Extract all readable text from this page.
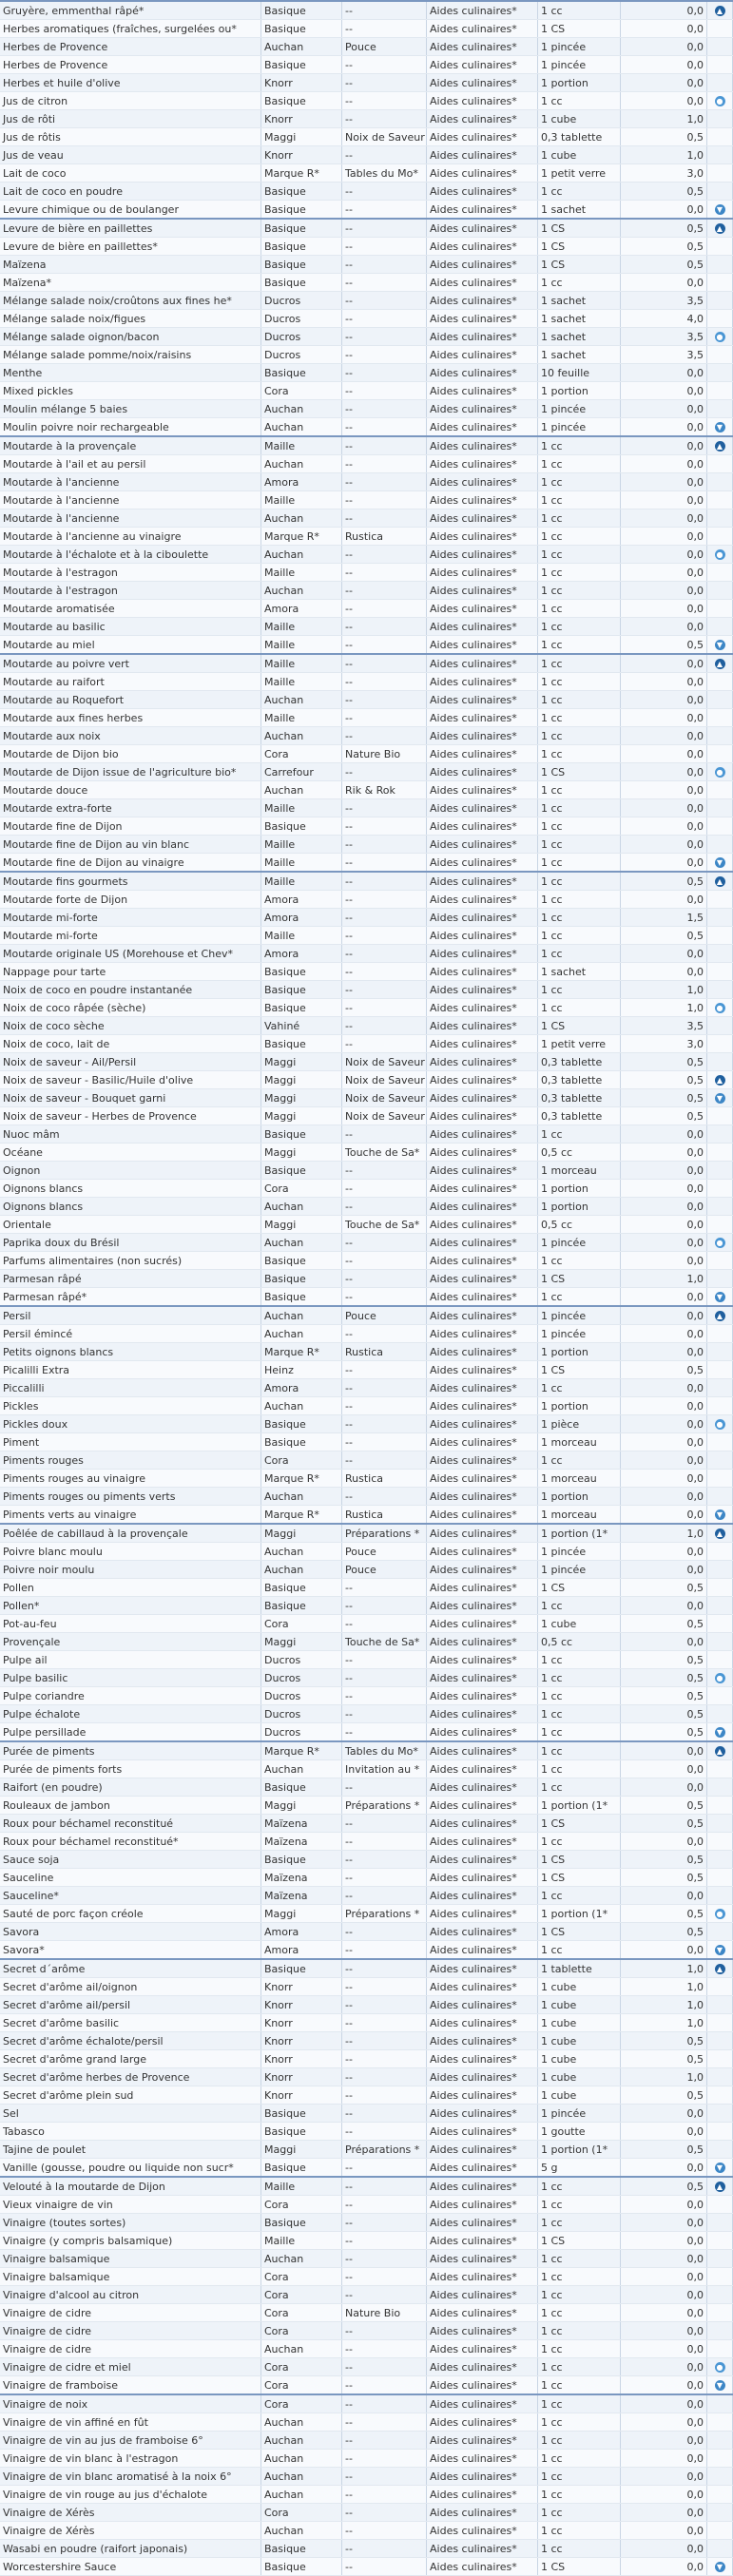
Gruyère, emmenthal râpé*	Basique	--	Aides culinaires*	1 cc	0,0	▲
Herbes aromatiques (fraîches, surgelées ou*	Basique	--	Aides culinaires*	1 CS	0,0	
Herbes de Provence	Auchan	Pouce	Aides culinaires*	1 pincée	0,0	
Herbes de Provence	Basique	--	Aides culinaires*	1 pincée	0,0	
Herbes et huile d'olive	Knorr	--	Aides culinaires*	1 portion	0,0	
Jus de citron	Basique	--	Aides culinaires*	1 cc	0,0	●
Jus de rôti	Knorr	--	Aides culinaires*	1 cube	1,0	
Jus de rôtis	Maggi	Noix de Saveur	Aides culinaires*	0,3 tablette	0,5	
Jus de veau	Knorr	--	Aides culinaires*	1 cube	1,0	
Lait de coco	Marque R*	Tables du Mo*	Aides culinaires*	1 petit verre	3,0	
Lait de coco en poudre	Basique	--	Aides culinaires*	1 cc	0,5	
Levure chimique ou de boulanger	Basique	--	Aides culinaires*	1 sachet	0,0	▼
Levure de bière en paillettes	Basique	--	Aides culinaires*	1 CS	0,5	▲
Levure de bière en paillettes*	Basique	--	Aides culinaires*	1 CS	0,5	
Maïzena	Basique	--	Aides culinaires*	1 CS	0,5	
Maïzena*	Basique	--	Aides culinaires*	1 cc	0,0	
Mélange salade noix/croûtons aux fines he*	Ducros	--	Aides culinaires*	1 sachet	3,5	
Mélange salade noix/figues	Ducros	--	Aides culinaires*	1 sachet	4,0	
Mélange salade oignon/bacon	Ducros	--	Aides culinaires*	1 sachet	3,5	●
Mélange salade pomme/noix/raisins	Ducros	--	Aides culinaires*	1 sachet	3,5	
Menthe	Basique	--	Aides culinaires*	10 feuille	0,0	
Mixed pickles	Cora	--	Aides culinaires*	1 portion	0,0	
Moulin mélange 5 baies	Auchan	--	Aides culinaires*	1 pincée	0,0	
Moulin poivre noir rechargeable	Auchan	--	Aides culinaires*	1 pincée	0,0	▼
Moutarde à la provençale	Maille	--	Aides culinaires*	1 cc	0,0	▲
Moutarde à l'ail et au persil	Auchan	--	Aides culinaires*	1 cc	0,0	
Moutarde à l'ancienne	Amora	--	Aides culinaires*	1 cc	0,0	
Moutarde à l'ancienne	Maille	--	Aides culinaires*	1 cc	0,0	
Moutarde à l'ancienne	Auchan	--	Aides culinaires*	1 cc	0,0	
Moutarde à l'ancienne au vinaigre	Marque R*	Rustica	Aides culinaires*	1 cc	0,0	
Moutarde à l'échalote et à la ciboulette	Auchan	--	Aides culinaires*	1 cc	0,0	●
Moutarde à l'estragon	Maille	--	Aides culinaires*	1 cc	0,0	
Moutarde à l'estragon	Auchan	--	Aides culinaires*	1 cc	0,0	
Moutarde aromatisée	Amora	--	Aides culinaires*	1 cc	0,0	
Moutarde au basilic	Maille	--	Aides culinaires*	1 cc	0,0	
Moutarde au miel	Maille	--	Aides culinaires*	1 cc	0,5	▼
Moutarde au poivre vert	Maille	--	Aides culinaires*	1 cc	0,0	▲
Moutarde au raifort	Maille	--	Aides culinaires*	1 cc	0,0	
Moutarde au Roquefort	Auchan	--	Aides culinaires*	1 cc	0,0	
Moutarde aux fines herbes	Maille	--	Aides culinaires*	1 cc	0,0	
Moutarde aux noix	Auchan	--	Aides culinaires*	1 cc	0,0	
Moutarde de Dijon bio	Cora	Nature Bio	Aides culinaires*	1 cc	0,0	
Moutarde de Dijon issue de l'agriculture bio*	Carrefour	--	Aides culinaires*	1 CS	0,0	●
Moutarde douce	Auchan	Rik & Rok	Aides culinaires*	1 cc	0,0	
Moutarde extra-forte	Maille	--	Aides culinaires*	1 cc	0,0	
Moutarde fine de Dijon	Basique	--	Aides culinaires*	1 cc	0,0	
Moutarde fine de Dijon au vin blanc	Maille	--	Aides culinaires*	1 cc	0,0	
Moutarde fine de Dijon au vinaigre	Maille	--	Aides culinaires*	1 cc	0,0	▼
Moutarde fins gourmets	Maille	--	Aides culinaires*	1 cc	0,5	▲
Moutarde forte de Dijon	Amora	--	Aides culinaires*	1 cc	0,0	
Moutarde mi-forte	Amora	--	Aides culinaires*	1 cc	1,5	
Moutarde mi-forte	Maille	--	Aides culinaires*	1 cc	0,5	
Moutarde originale US (Morehouse et Chev*	Amora	--	Aides culinaires*	1 cc	0,0	
Nappage pour tarte	Basique	--	Aides culinaires*	1 sachet	0,0	
Noix de coco en poudre instantanée	Basique	--	Aides culinaires*	1 cc	1,0	
Noix de coco râpée (sèche)	Basique	--	Aides culinaires*	1 cc	1,0	●
Noix de coco sèche	Vahiné	--	Aides culinaires*	1 CS	3,5	
Noix de coco, lait de	Basique	--	Aides culinaires*	1 petit verre	3,0	
Noix de saveur - Ail/Persil	Maggi	Noix de Saveur	Aides culinaires*	0,3 tablette	0,5	
Noix de saveur - Basilic/Huile d'olive	Maggi	Noix de Saveur	Aides culinaires*	0,3 tablette	0,5	▲
Noix de saveur - Bouquet garni	Maggi	Noix de Saveur	Aides culinaires*	0,3 tablette	0,5	▼
Noix de saveur - Herbes de Provence	Maggi	Noix de Saveur	Aides culinaires*	0,3 tablette	0,5	
Nuoc mâm	Basique	--	Aides culinaires*	1 cc	0,0	
Océane	Maggi	Touche de Sa*	Aides culinaires*	0,5 cc	0,0	
Oignon	Basique	--	Aides culinaires*	1 morceau	0,0	
Oignons blancs	Cora	--	Aides culinaires*	1 portion	0,0	
Oignons blancs	Auchan	--	Aides culinaires*	1 portion	0,0	
Orientale	Maggi	Touche de Sa*	Aides culinaires*	0,5 cc	0,0	
Paprika doux du Brésil	Auchan	--	Aides culinaires*	1 pincée	0,0	●
Parfums alimentaires (non sucrés)	Basique	--	Aides culinaires*	1 cc	0,0	
Parmesan râpé	Basique	--	Aides culinaires*	1 CS	1,0	
Parmesan râpé*	Basique	--	Aides culinaires*	1 cc	0,0	▼
Persil	Auchan	Pouce	Aides culinaires*	1 pincée	0,0	▲
Persil émincé	Auchan	--	Aides culinaires*	1 pincée	0,0	
Petits oignons blancs	Marque R*	Rustica	Aides culinaires*	1 portion	0,0	
Picalilli Extra	Heinz	--	Aides culinaires*	1 CS	0,5	
Piccalilli	Amora	--	Aides culinaires*	1 cc	0,0	
Pickles	Auchan	--	Aides culinaires*	1 portion	0,0	
Pickles doux	Basique	--	Aides culinaires*	1 pièce	0,0	●
Piment	Basique	--	Aides culinaires*	1 morceau	0,0	
Piments rouges	Cora	--	Aides culinaires*	1 cc	0,0	
Piments rouges au vinaigre	Marque R*	Rustica	Aides culinaires*	1 morceau	0,0	
Piments rouges ou piments verts	Auchan	--	Aides culinaires*	1 portion	0,0	
Piments verts au vinaigre	Marque R*	Rustica	Aides culinaires*	1 morceau	0,0	▼
Poêlée de cabillaud à la provençale	Maggi	Préparations *	Aides culinaires*	1 portion (1*	1,0	▲
Poivre blanc moulu	Auchan	Pouce	Aides culinaires*	1 pincée	0,0	
Poivre noir moulu	Auchan	Pouce	Aides culinaires*	1 pincée	0,0	
Pollen	Basique	--	Aides culinaires*	1 CS	0,5	
Pollen*	Basique	--	Aides culinaires*	1 cc	0,0	
Pot-au-feu	Cora	--	Aides culinaires*	1 cube	0,5	
Provençale	Maggi	Touche de Sa*	Aides culinaires*	0,5 cc	0,0	
Pulpe ail	Ducros	--	Aides culinaires*	1 cc	0,5	
Pulpe basilic	Ducros	--	Aides culinaires*	1 cc	0,5	●
Pulpe coriandre	Ducros	--	Aides culinaires*	1 cc	0,5	
Pulpe échalote	Ducros	--	Aides culinaires*	1 cc	0,5	
Pulpe persillade	Ducros	--	Aides culinaires*	1 cc	0,5	▼
Purée de piments	Marque R*	Tables du Mo*	Aides culinaires*	1 cc	0,0	▲
Purée de piments forts	Auchan	Invitation au *	Aides culinaires*	1 cc	0,0	
Raifort (en poudre)	Basique	--	Aides culinaires*	1 cc	0,0	
Rouleaux de jambon	Maggi	Préparations *	Aides culinaires*	1 portion (1*	0,5	
Roux pour béchamel reconstitué	Maïzena	--	Aides culinaires*	1 CS	0,5	
Roux pour béchamel reconstitué*	Maïzena	--	Aides culinaires*	1 cc	0,0	
Sauce soja	Basique	--	Aides culinaires*	1 CS	0,5	
Sauceline	Maïzena	--	Aides culinaires*	1 CS	0,5	
Sauceline*	Maïzena	--	Aides culinaires*	1 cc	0,0	
Sauté de porc façon créole	Maggi	Préparations *	Aides culinaires*	1 portion (1*	0,5	●
Savora	Amora	--	Aides culinaires*	1 CS	0,5	
Savora*	Amora	--	Aides culinaires*	1 cc	0,0	▼
Secret d´arôme	Basique	--	Aides culinaires*	1 tablette	1,0	▲
Secret d'arôme ail/oignon	Knorr	--	Aides culinaires*	1 cube	1,0	
Secret d'arôme ail/persil	Knorr	--	Aides culinaires*	1 cube	1,0	
Secret d'arôme basilic	Knorr	--	Aides culinaires*	1 cube	1,0	
Secret d'arôme échalote/persil	Knorr	--	Aides culinaires*	1 cube	0,5	
Secret d'arôme grand large	Knorr	--	Aides culinaires*	1 cube	0,5	
Secret d'arôme herbes de Provence	Knorr	--	Aides culinaires*	1 cube	1,0	
Secret d'arôme plein sud	Knorr	--	Aides culinaires*	1 cube	0,5	
Sel	Basique	--	Aides culinaires*	1 pincée	0,0	
Tabasco	Basique	--	Aides culinaires*	1 goutte	0,0	
Tajine de poulet	Maggi	Préparations *	Aides culinaires*	1 portion (1*	0,5	
Vanille (gousse, poudre ou liquide non sucr*	Basique	--	Aides culinaires*	5 g	0,0	▼
Velouté à la moutarde de Dijon	Maille	--	Aides culinaires*	1 cc	0,5	▲
Vieux vinaigre de vin	Cora	--	Aides culinaires*	1 cc	0,0	
Vinaigre (toutes sortes)	Basique	--	Aides culinaires*	1 cc	0,0	
Vinaigre (y compris balsamique)	Maille	--	Aides culinaires*	1 CS	0,0	
Vinaigre balsamique	Auchan	--	Aides culinaires*	1 cc	0,0	
Vinaigre balsamique	Cora	--	Aides culinaires*	1 cc	0,0	
Vinaigre d'alcool au citron	Cora	--	Aides culinaires*	1 cc	0,0	
Vinaigre de cidre	Cora	Nature Bio	Aides culinaires*	1 cc	0,0	
Vinaigre de cidre	Cora	--	Aides culinaires*	1 cc	0,0	
Vinaigre de cidre	Auchan	--	Aides culinaires*	1 cc	0,0	
Vinaigre de cidre et miel	Cora	--	Aides culinaires*	1 cc	0,0	●
Vinaigre de framboise	Cora	--	Aides culinaires*	1 cc	0,0	▼
Vinaigre de noix	Cora	--	Aides culinaires*	1 cc	0,0	
Vinaigre de vin affiné en fût	Auchan	--	Aides culinaires*	1 cc	0,0	
Vinaigre de vin au jus de framboise 6°	Auchan	--	Aides culinaires*	1 cc	0,0	
Vinaigre de vin blanc à l'estragon	Auchan	--	Aides culinaires*	1 cc	0,0	
Vinaigre de vin blanc aromatisé à la noix 6°	Auchan	--	Aides culinaires*	1 cc	0,0	
Vinaigre de vin rouge au jus d'échalote	Auchan	--	Aides culinaires*	1 cc	0,0	
Vinaigre de Xérès	Cora	--	Aides culinaires*	1 cc	0,0	
Vinaigre de Xérès	Auchan	--	Aides culinaires*	1 cc	0,0	
Wasabi en poudre (raifort japonais)	Basique	--	Aides culinaires*	1 cc	0,0	
Worcestershire Sauce	Basique	--	Aides culinaires*	1 CS	0,0	▼
